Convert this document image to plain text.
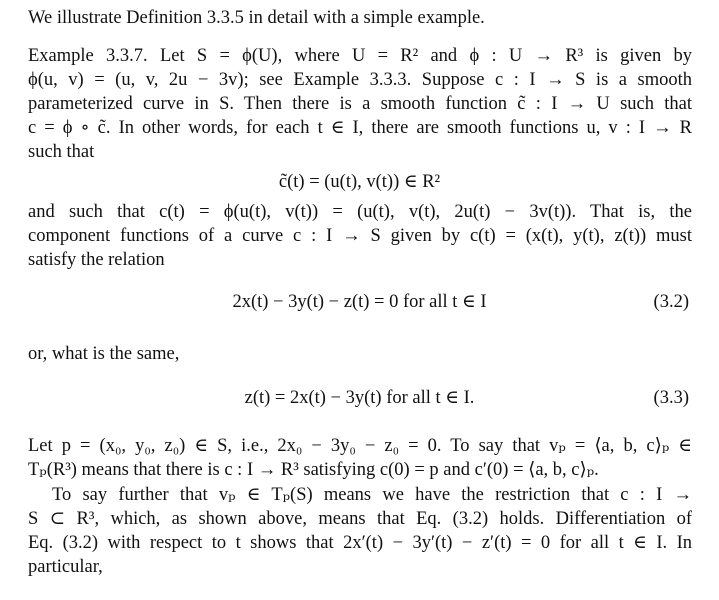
We illustrate Definition 3.3.5 in detail with a simple example.
Example 3.3.7. Let S = ϕ(U), where U = R² and ϕ : U → R³ is given by
ϕ(u, v) = (u, v, 2u − 3v); see Example 3.3.3. Suppose c : I → S is a smooth
parameterized curve in S. Then there is a smooth function c̃ : I → U such that
c = ϕ ∘ c̃. In other words, for each t ∈ I, there are smooth functions u, v : I → R
such that
c̃(t) = (u(t), v(t)) ∈ R²
and such that c(t) = ϕ(u(t), v(t)) = (u(t), v(t), 2u(t) − 3v(t)). That is, the
component functions of a curve c : I → S given by c(t) = (x(t), y(t), z(t)) must
satisfy the relation
2x(t) − 3y(t) − z(t) = 0 for all t ∈ I	(3.2)
or, what is the same,
z(t) = 2x(t) − 3y(t) for all t ∈ I.	(3.3)
Let p = (x₀, y₀, z₀) ∈ S, i.e., 2x₀ − 3y₀ − z₀ = 0. To say that vₚ = ⟨a, b, c⟩ₚ ∈
Tₚ(R³) means that there is c : I → R³ satisfying c(0) = p and c′(0) = ⟨a, b, c⟩ₚ.
To say further that vₚ ∈ Tₚ(S) means we have the restriction that c : I →
S ⊂ R³, which, as shown above, means that Eq. (3.2) holds. Differentiation of
Eq. (3.2) with respect to t shows that 2x′(t) − 3y′(t) − z′(t) = 0 for all t ∈ I. In
particular,
